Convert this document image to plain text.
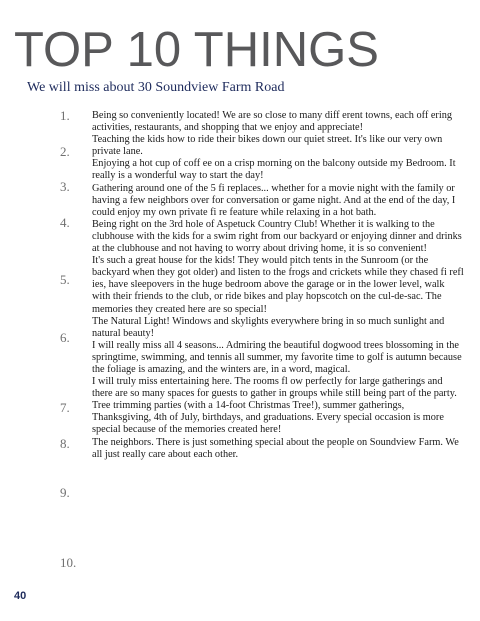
TOP 10 THINGS
We will miss about 30 Soundview Farm Road
1.
2.
3.
4.
5.
6.
7.
8.
9.
10.

Being so conveniently located! We are so close to many diff erent towns, each off ering activities, restaurants, and shopping that we enjoy and appreciate!

Teaching the kids how to ride their bikes down our quiet street. It's like our very own private lane.

Enjoying a hot cup of coff ee on a crisp morning on the balcony outside my Bedroom. It really is a wonderful way to start the day!

Gathering around one of the 5 fi replaces... whether for a movie night with the family or having a few neighbors over for conversation or game night. And at the end of the day, I could enjoy my own private fi re feature while relaxing in a hot bath.

Being right on the 3rd hole of Aspetuck Country Club! Whether it is walking to the clubhouse with the kids for a swim right from our backyard or enjoying dinner and drinks at the clubhouse and not having to worry about driving home, it is so convenient!

It's such a great house for the kids! They would pitch tents in the Sunroom (or the backyard when they got older) and listen to the frogs and crickets while they chased fi refl ies, have sleepovers in the huge bedroom above the garage or in the lower level, walk with their friends to the club, or ride bikes and play hopscotch on the cul-de-sac. The memories they created here are so special!

The Natural Light! Windows and skylights everywhere bring in so much sunlight and natural beauty!

I will really miss all 4 seasons... Admiring the beautiful dogwood trees blossoming in the springtime, swimming, and tennis all summer, my favorite time to golf is autumn because the foliage is amazing, and the winters are, in a word, magical.

I will truly miss entertaining here. The rooms fl ow perfectly for large gatherings and there are so many spaces for guests to gather in groups while still being part of the party. Tree trimming parties (with a 14-foot Christmas Tree!), summer gatherings, Thanksgiving, 4th of July, birthdays, and graduations. Every special occasion is more special because of the memories created here!

The neighbors. There is just something special about the people on Soundview Farm. We all just really care about each other.

40
